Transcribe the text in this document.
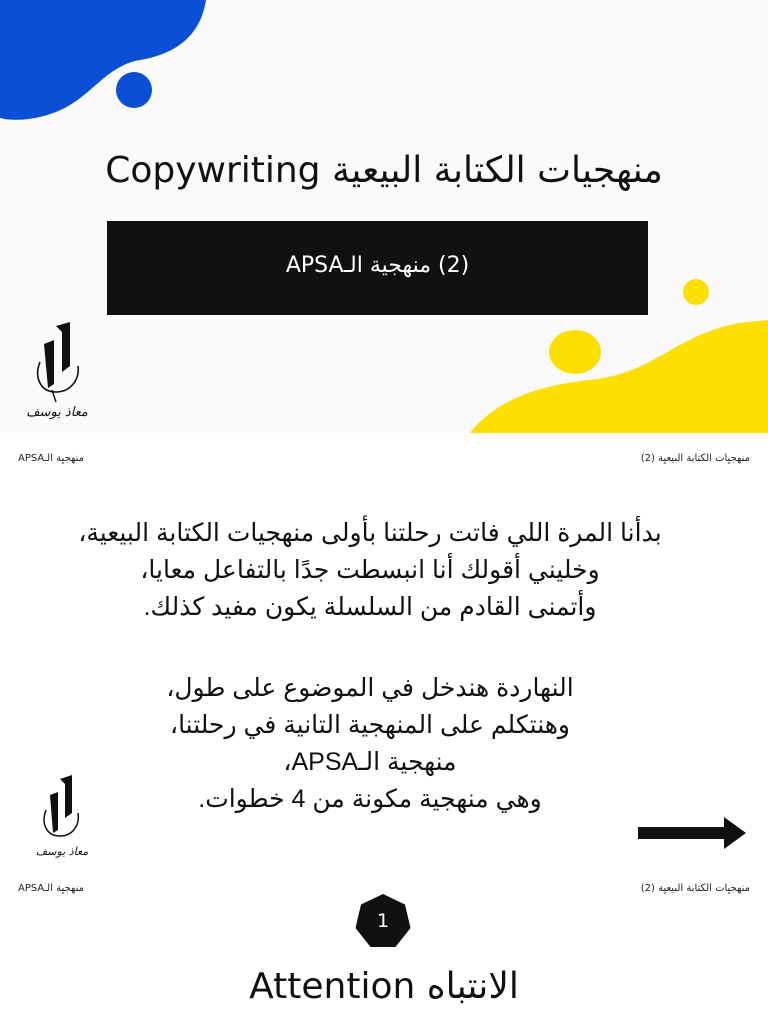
منهجيات الكتابة البيعية Copywriting
(2) منهجية الـAPSA
معاذ يوسف
منهجيِة الـAPSA	منهجيِات الكتابة البيعيِة (2)
بدأنا المرة اللي فاتت رحلتنا بأولى منهجيات الكتابة البيعية،
وخليني أقولك أنا انبسطت جدًا بالتفاعل معايا،
وأتمنى القادم من السلسلة يكون مفيد كذلك.
النهاردة هندخل في الموضوع على طول،
وهنتكلم على المنهجية التانية في رحلتنا،
منهجية الـAPSA،
وهي منهجية مكونة من 4 خطوات.
معاذ يوسف
منهجيِة الـAPSA	منهجيِات الكتابة البيعيِة (2)
1
الانتباه Attention
